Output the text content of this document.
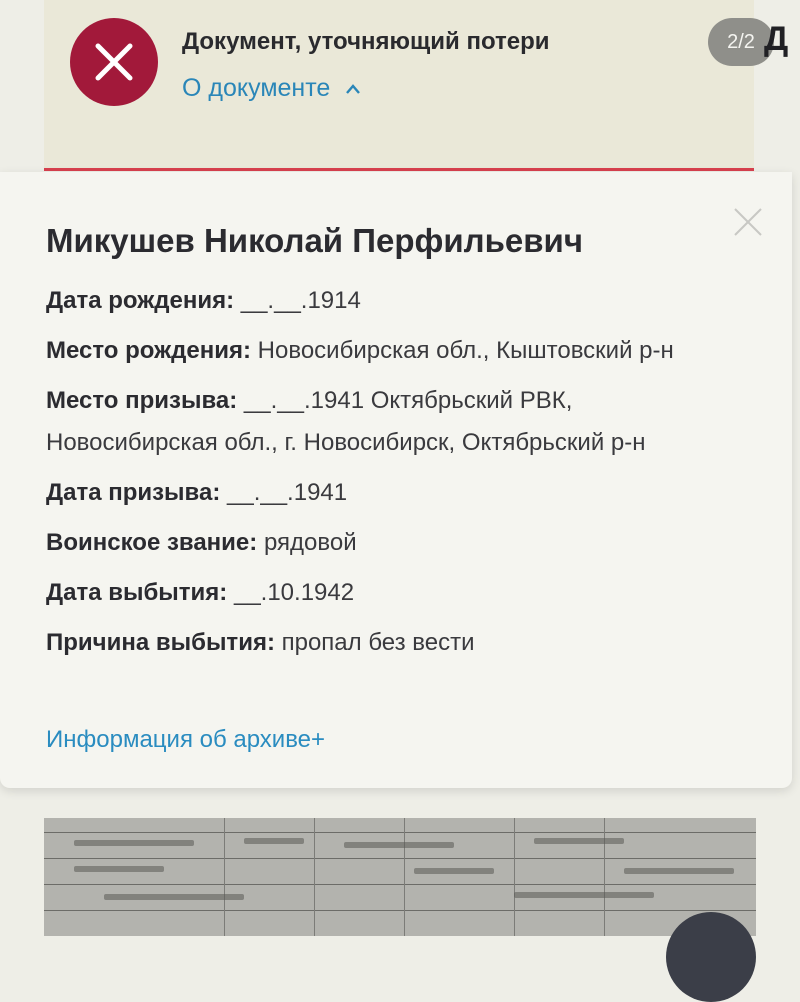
Документ, уточняющий потери
О документе
2/2 Д
Микушев Николай Перфильевич
Дата рождения: __.__.1914
Место рождения: Новосибирская обл., Кыштовский р-н
Место призыва: __.__.1941 Октябрьский РВК, Новосибирская обл., г. Новосибирск, Октябрьский р-н
Дата призыва: __.__.1941
Воинское звание: рядовой
Дата выбытия: __.10.1942
Причина выбытия: пропал без вести
Информация об архиве+
